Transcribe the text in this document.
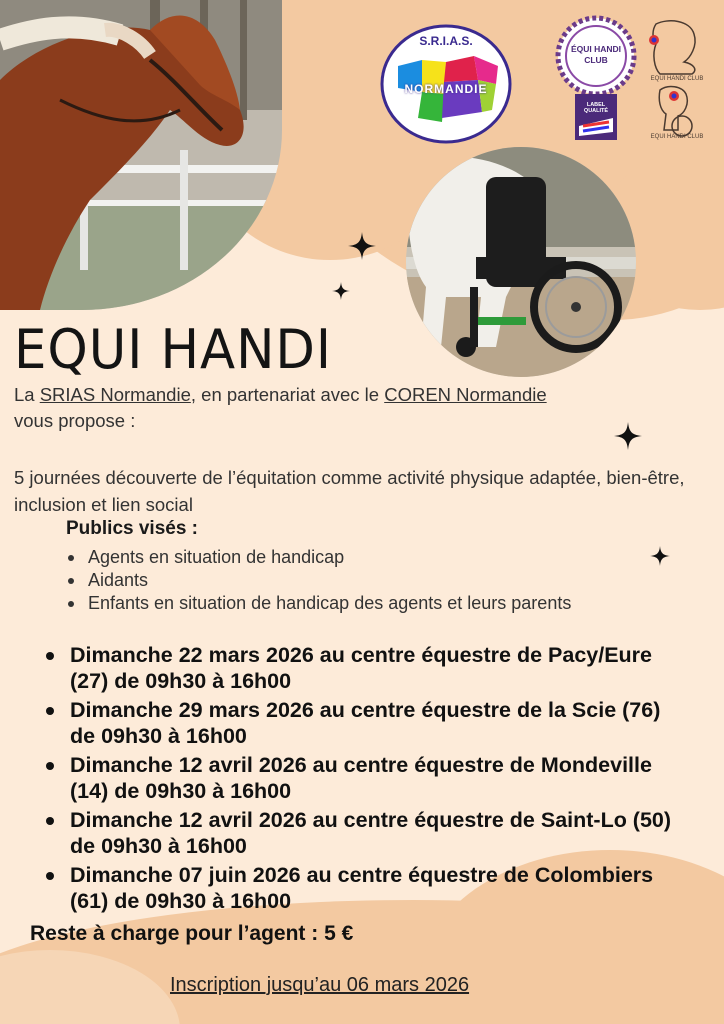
S.R.I.A.S.
NORMANDIE
ÉQUI HANDI
CLUB
LABEL QUALITÉ
EQUI HANDI CLUB
EQUI HANDI CLUB
EQUI HANDI
La SRIAS Normandie, en partenariat avec le COREN Normandie
vous propose :
5 journées découverte de l’équitation comme activité physique adaptée, bien-être, inclusion et lien social
Publics visés :
Agents en situation de handicap
Aidants
Enfants en situation de handicap des agents et leurs parents
Dimanche 22 mars 2026 au centre équestre de Pacy/Eure (27) de 09h30 à 16h00
Dimanche 29 mars 2026 au centre équestre de la Scie (76) de 09h30 à 16h00
Dimanche 12 avril 2026 au centre équestre de Mondeville (14) de 09h30 à 16h00
Dimanche 12 avril 2026 au centre équestre de Saint-Lo (50) de 09h30 à 16h00
Dimanche 07 juin 2026 au centre équestre de Colombiers (61) de 09h30 à 16h00
Reste à charge pour l’agent : 5 €
Inscription jusqu’au 06 mars 2026
